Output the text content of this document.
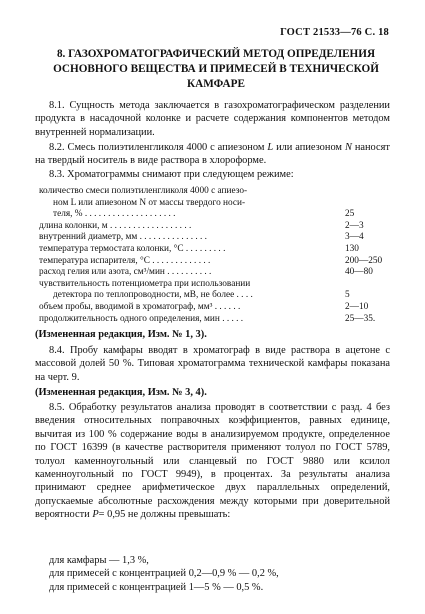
ГОСТ 21533—76 С. 18
8. ГАЗОХРОМАТОГРАФИЧЕСКИЙ МЕТОД ОПРЕДЕЛЕНИЯ
ОСНОВНОГО ВЕЩЕСТВА И ПРИМЕСЕЙ В ТЕХНИЧЕСКОЙ
КАМФАРЕ
8.1. Сущность метода заключается в газохроматографическом разделении продукта в насадочной колонке и расчете содержания компонентов методом внутренней нормализации.
8.2. Смесь полиэтиленгликоля 4000 с апиезоном L или апиезоном N наносят на твердый носитель в виде раствора в хлороформе.
8.3. Хроматограммы снимают при следующем режиме:
количество смеси полиэтиленгликоля 4000 с апиезо-
ном L или апиезоном N от массы твердого носи-
теля, % . . . . . . . . . . . . . . . . . . . .	25
длина колонки, м . . . . . . . . . . . . . . . . . .	2—3
внутренний диаметр, мм . . . . . . . . . . . . . . .	3—4
температура термостата колонки, °С . . . . . . . . .	130
температура испарителя, °С . . . . . . . . . . . . .	200—250
расход гелия или азота, см³/мин . . . . . . . . . .	40—80
чувствительность потенциометра при использовании
детектора по теплопроводности, мВ, не более . . . .	5
объем пробы, вводимой в хроматограф, мм³ . . . . . .	2—10
продолжительность одного определения, мин . . . . .	25—35.
(Измененная редакция, Изм. № 1, 3).
8.4. Пробу камфары вводят в хроматограф в виде раствора в ацетоне с массовой долей 50 %. Типовая хроматограмма технической камфары показана на черт. 9.
(Измененная редакция, Изм. № 3, 4).
8.5. Обработку результатов анализа проводят в соответствии с разд. 4 без введения относительных поправочных коэффициентов, равных единице, вычитая из 100 % содержание воды в анализируемом продукте, определенное по ГОСТ 16399 (в качестве растворителя применяют толуол по ГОСТ 5789, толуол каменноугольный или сланцевый по ГОСТ 9880 или ксилол каменноугольный по ГОСТ 9949), в процентах. За результаты анализа принимают среднее арифметическое двух параллельных определений, допускаемые абсолютные расхождения между которыми при доверительной вероятности P= 0,95 не должны превышать:
для камфары — 1,3 %,
для примесей с концентрацией 0,2—0,9 % — 0,2 %,
для примесей с концентрацией 1—5 % — 0,5 %.
